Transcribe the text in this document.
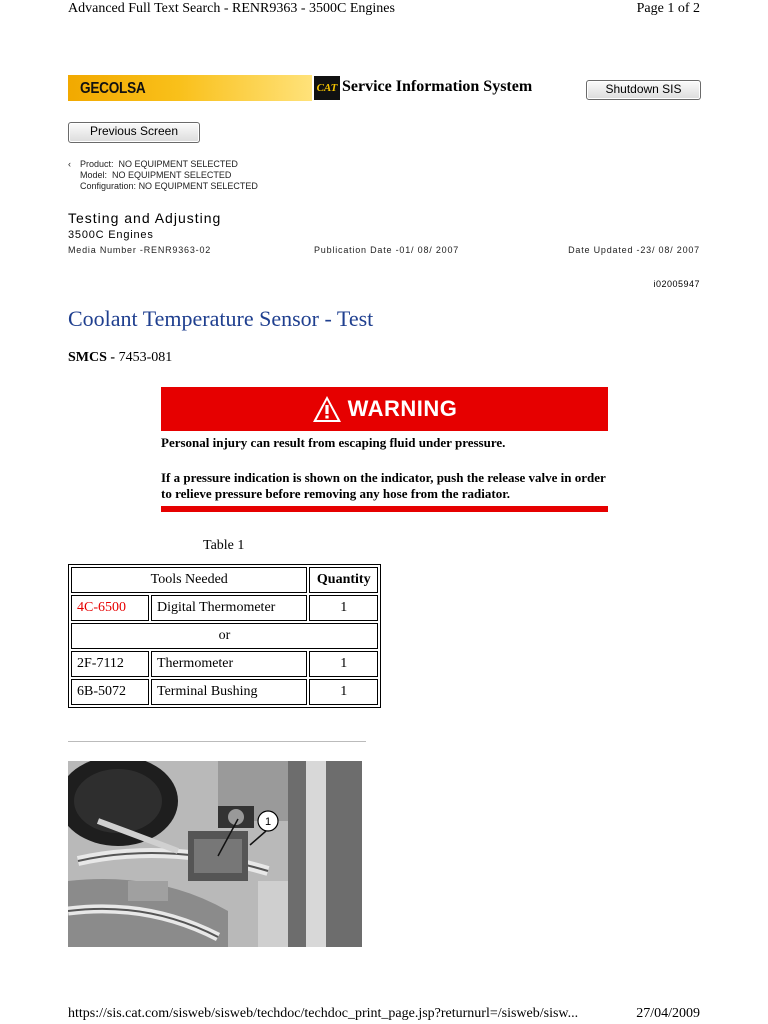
Advanced Full Text Search - RENR9363 - 3500C Engines	Page 1 of 2
GECOLSA	CAT Service Information System	Shutdown SIS
Previous Screen
‹ Product: NO EQUIPMENT SELECTED
Model: NO EQUIPMENT SELECTED
Configuration: NO EQUIPMENT SELECTED
Testing and Adjusting
3500C Engines
Media Number -RENR9363-02	Publication Date -01/ 08/ 2007	Date Updated -23/ 08/ 2007
i02005947
Coolant Temperature Sensor - Test
SMCS - 7453-081
WARNING
Personal injury can result from escaping fluid under pressure.
If a pressure indication is shown on the indicator, push the release valve in order to relieve pressure before removing any hose from the radiator.
Table 1
Tools Needed		Quantity
4C-6500	Digital Thermometer	1
or		
2F-7112	Thermometer	1
6B-5072	Terminal Bushing	1
1
https://sis.cat.com/sisweb/sisweb/techdoc/techdoc_print_page.jsp?returnurl=/sisweb/sisw...	27/04/2009
